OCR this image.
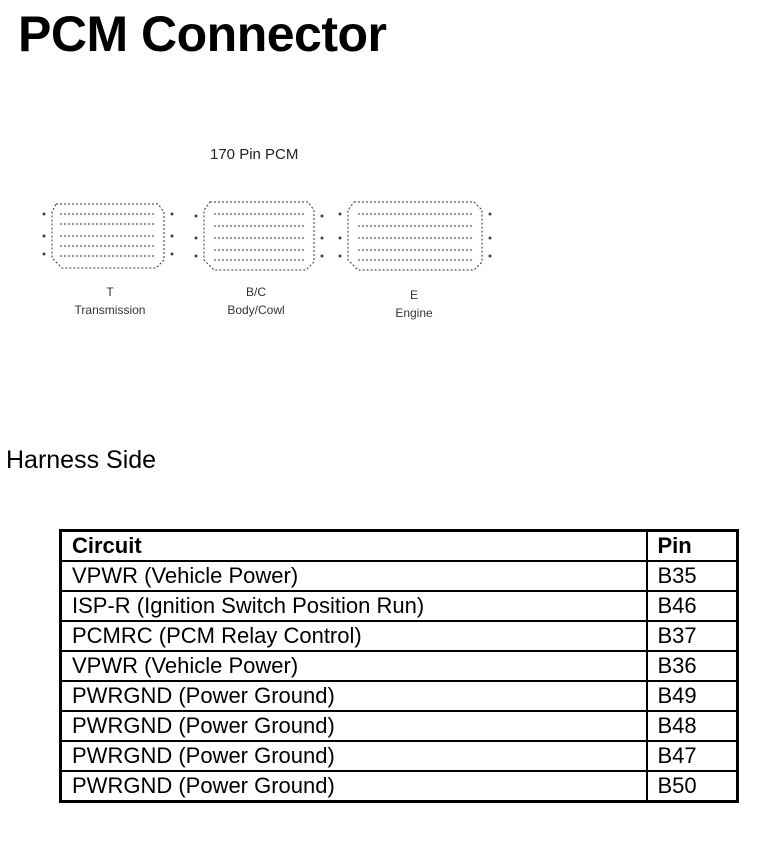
PCM Connector
170 Pin PCM
T
Transmission
B/C
Body/Cowl
E
Engine
Harness Side
Circuit	Pin
VPWR (Vehicle Power)	B35
ISP-R (Ignition Switch Position Run)	B46
PCMRC (PCM Relay Control)	B37
VPWR (Vehicle Power)	B36
PWRGND (Power Ground)	B49
PWRGND (Power Ground)	B48
PWRGND (Power Ground)	B47
PWRGND (Power Ground)	B50
